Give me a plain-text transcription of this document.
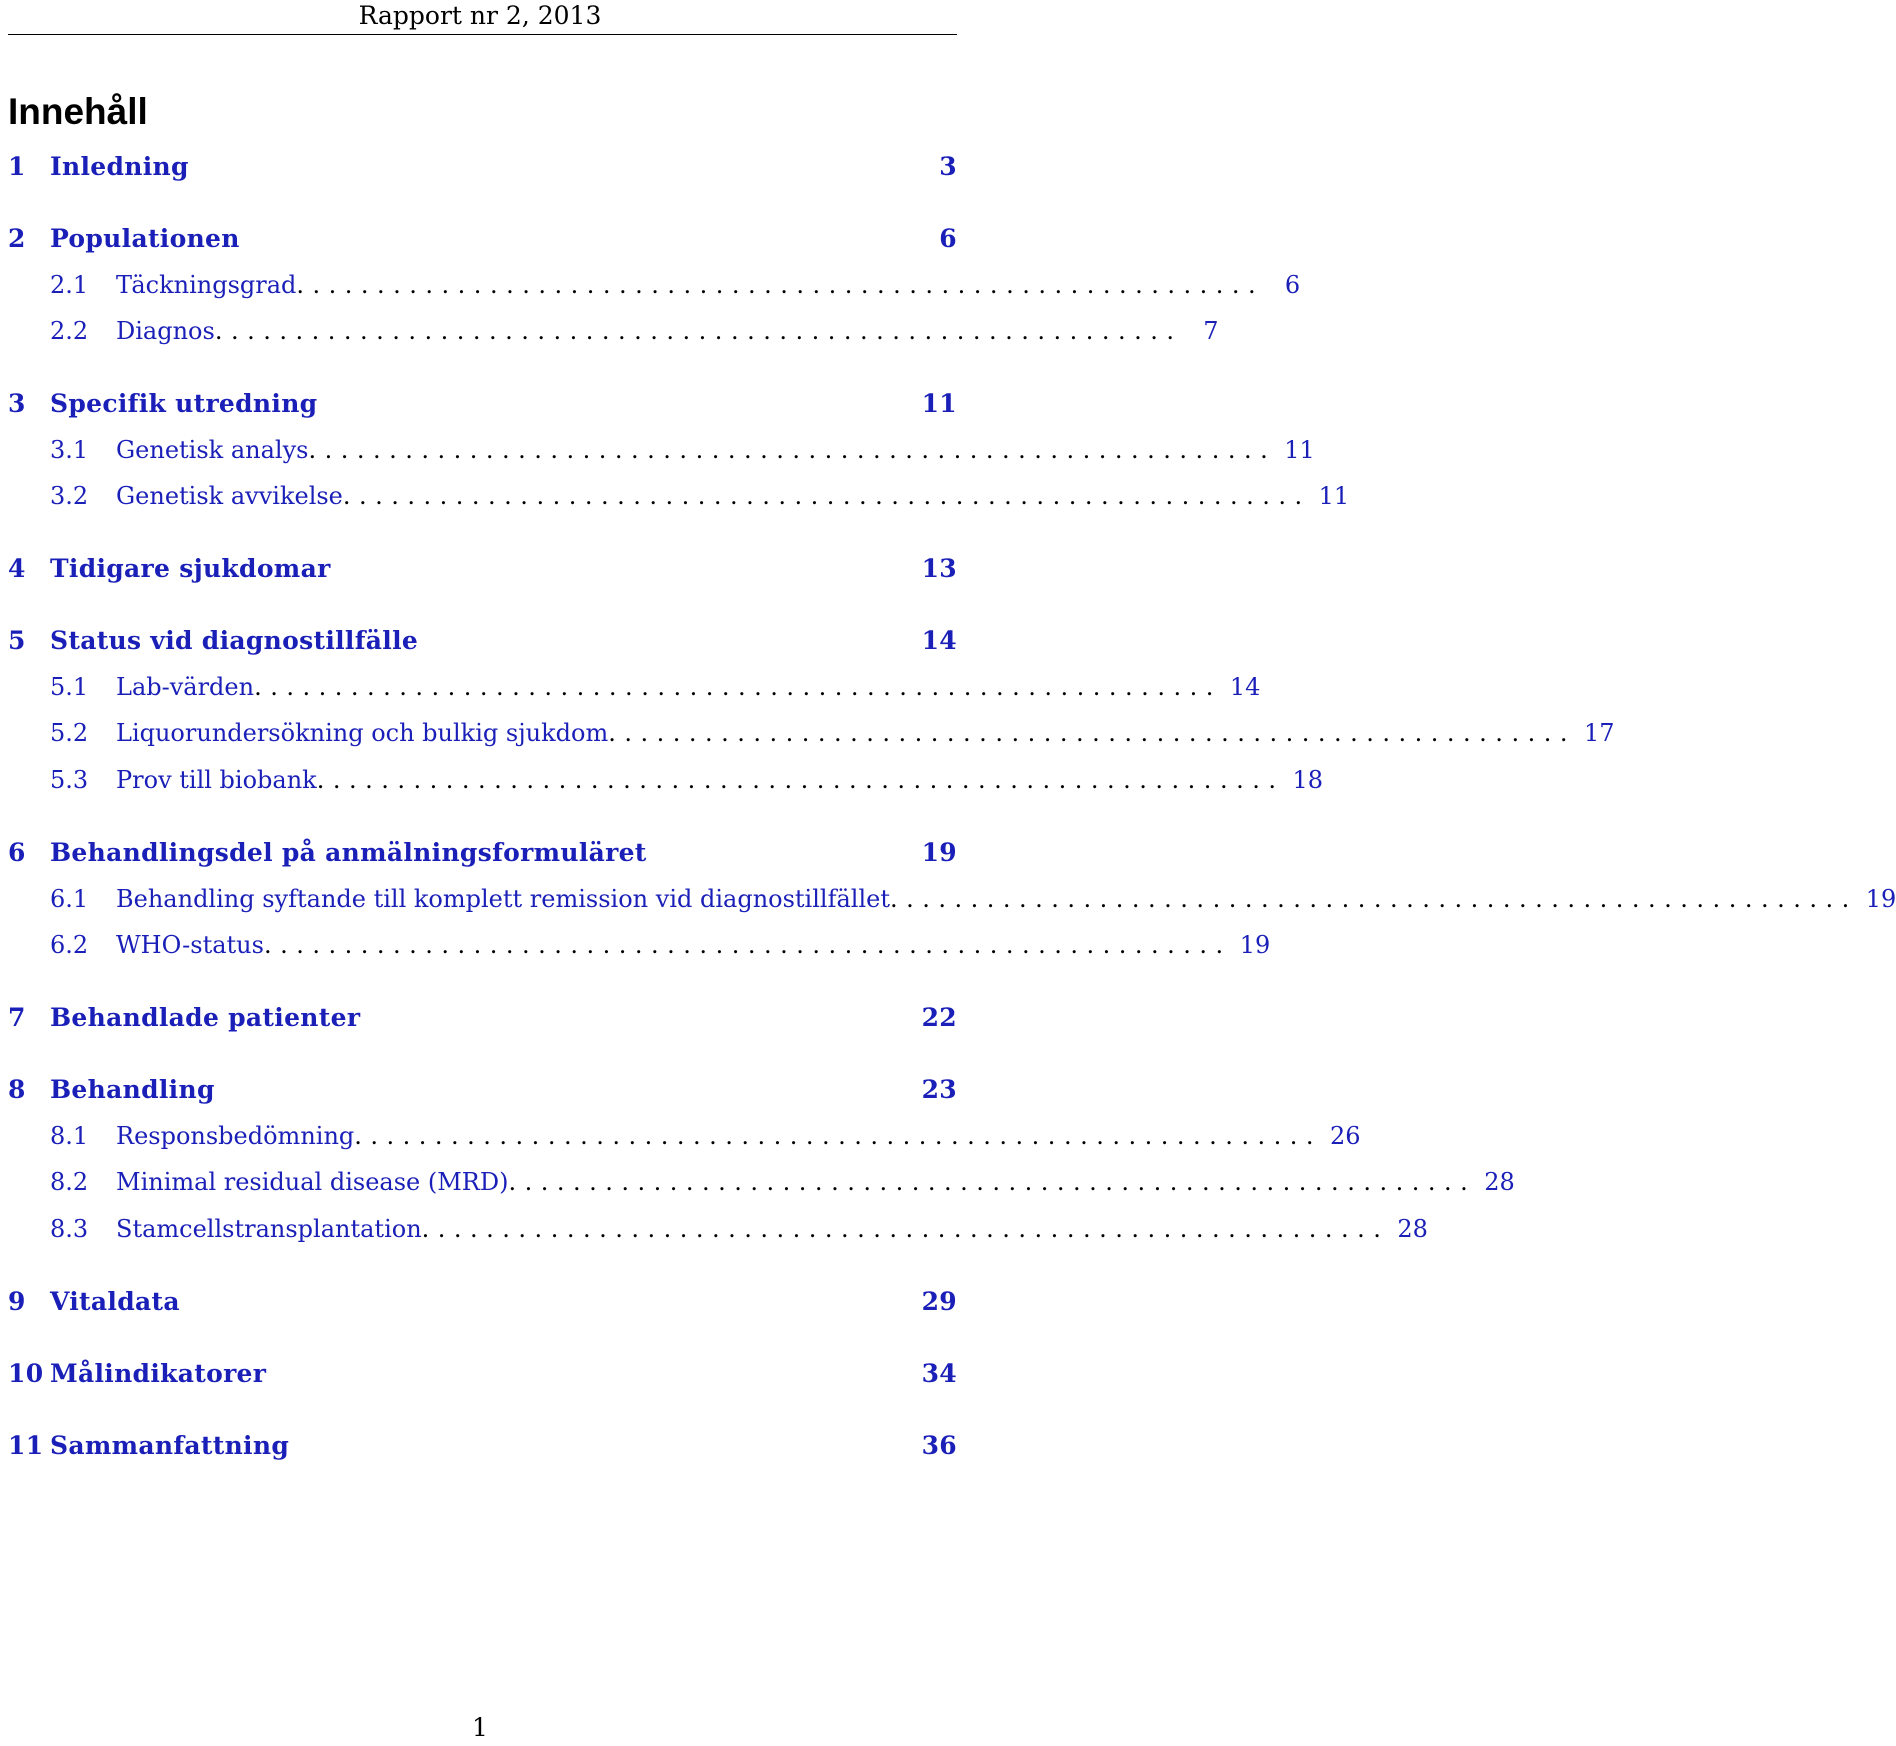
Rapport nr 2, 2013
Innehåll
1 Inledning	3
2 Populationen	6
2.1	Täckningsgrad ............................................................ 6
2.2	Diagnos ............................................................ 7
3 Specifik utredning	11
3.1	Genetisk analys ............................................................ 11
3.2	Genetisk avvikelse ............................................................ 11
4 Tidigare sjukdomar	13
5 Status vid diagnostillfälle	14
5.1	Lab-värden ............................................................ 14
5.2	Liquorundersökning och bulkig sjukdom ............................................................ 17
5.3	Prov till biobank ............................................................ 18
6 Behandlingsdel på anmälningsformuläret	19
6.1	Behandling syftande till komplett remission vid diagnostillfället ............................................................ 19
6.2	WHO-status ............................................................ 19
7 Behandlade patienter	22
8 Behandling	23
8.1	Responsbedömning ............................................................ 26
8.2	Minimal residual disease (MRD) ............................................................ 28
8.3	Stamcellstransplantation ............................................................ 28
9 Vitaldata	29
10 Målindikatorer	34
11 Sammanfattning	36
1
